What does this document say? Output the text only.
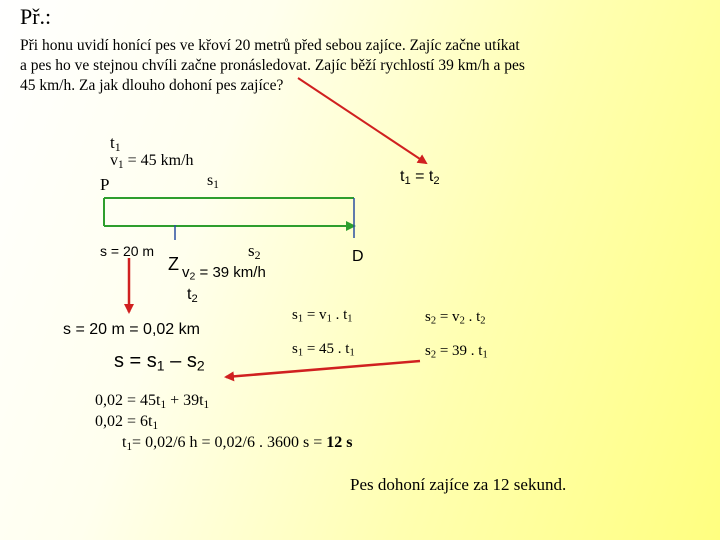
Př.:
Při honu uvidí honící pes ve křoví 20 metrů před sebou zajíce. Zajíc začne utíkat
a pes ho ve stejnou chvíli začne pronásledovat. Zajíc běží rychlostí 39 km/h a pes
45 km/h. Za jak dlouho dohoní pes zajíce?
$t_1$
$v_1 = 45$ km/h
P	$s_1$	$t_1 = t_2$
s = 20 m
Z
$s_2$	D
$v_2 = 39$ km/h
$t_2$
s = 20 m = 0,02 km
$s = s_1 - s_2$
$s_1 = v_1$ . $t_1$	$s_2 = v_2$ . $t_2$
$s_1 = 45$ . $t_1$	$s_2 = 39$ . $t_1$
$0,02 = 45t_1 + 39t_1$
$0,02 = 6t_1$
$t_1= 0,02/6$ h = 0,02/6 . 3600 s = 12 s
Pes dohoní zajíce za 12 sekund.
